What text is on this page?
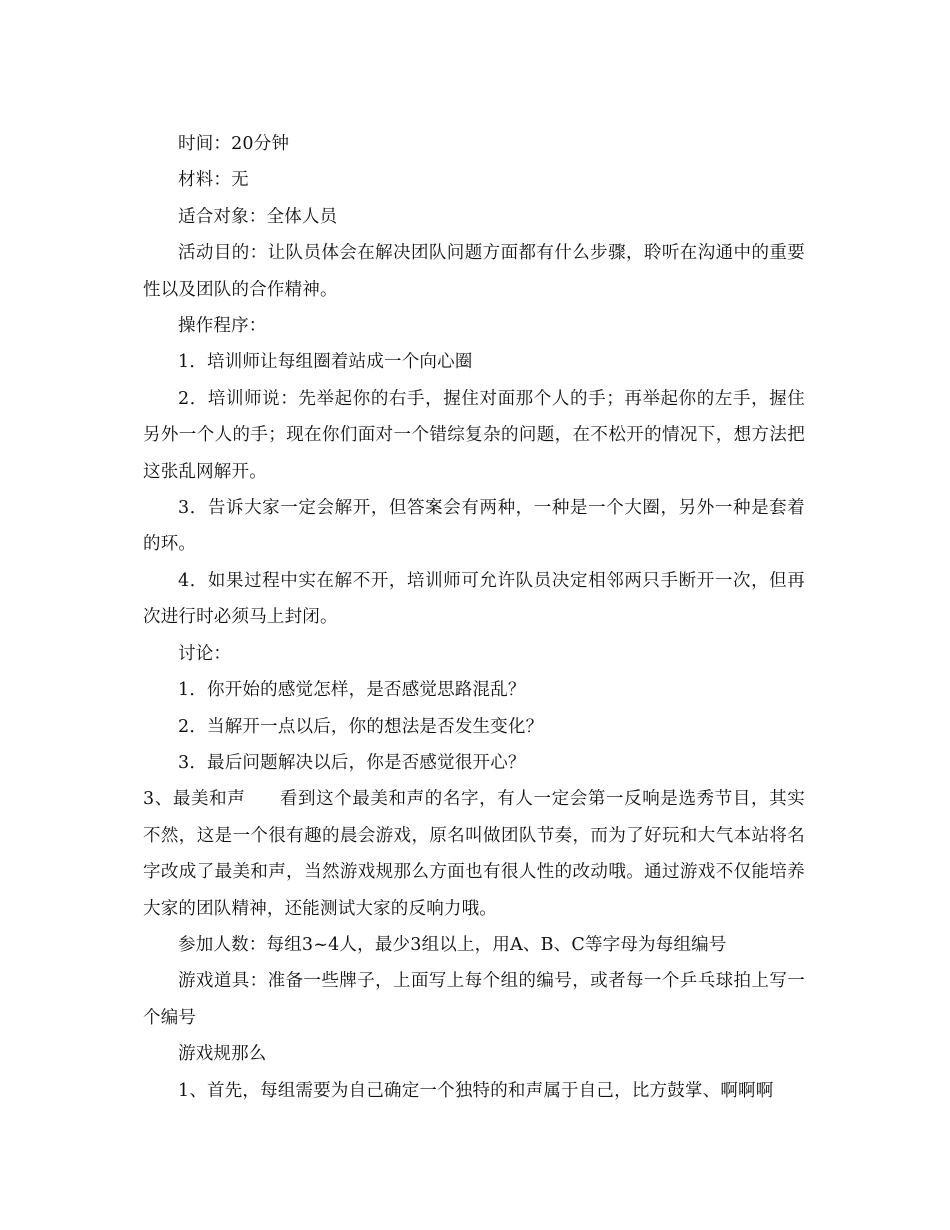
时间：20分钟

材料：无

适合对象：全体人员

活动目的：让队员体会在解决团队问题方面都有什么步骤，聆听在沟通中的重要性以及团队的合作精神。

操作程序：

1．培训师让每组圈着站成一个向心圈

2．培训师说：先举起你的右手，握住对面那个人的手；再举起你的左手，握住另外一个人的手；现在你们面对一个错综复杂的问题，在不松开的情况下，想方法把这张乱网解开。

3．告诉大家一定会解开，但答案会有两种，一种是一个大圈，另外一种是套着的环。

4．如果过程中实在解不开，培训师可允许队员决定相邻两只手断开一次，但再次进行时必须马上封闭。

讨论：

1．你开始的感觉怎样，是否感觉思路混乱？

2．当解开一点以后，你的想法是否发生变化？

3．最后问题解决以后，你是否感觉很开心？

3、最美和声 看到这个最美和声的名字，有人一定会第一反响是选秀节目，其实不然，这是一个很有趣的晨会游戏，原名叫做团队节奏，而为了好玩和大气本站将名字改成了最美和声，当然游戏规那么方面也有很人性的改动哦。通过游戏不仅能培养大家的团队精神，还能测试大家的反响力哦。

参加人数：每组3~4人，最少3组以上，用A、B、C等字母为每组编号

游戏道具：准备一些牌子，上面写上每个组的编号，或者每一个乒乓球拍上写一个编号

游戏规那么

1、首先，每组需要为自己确定一个独特的和声属于自己，比方鼓掌、啊啊啊
